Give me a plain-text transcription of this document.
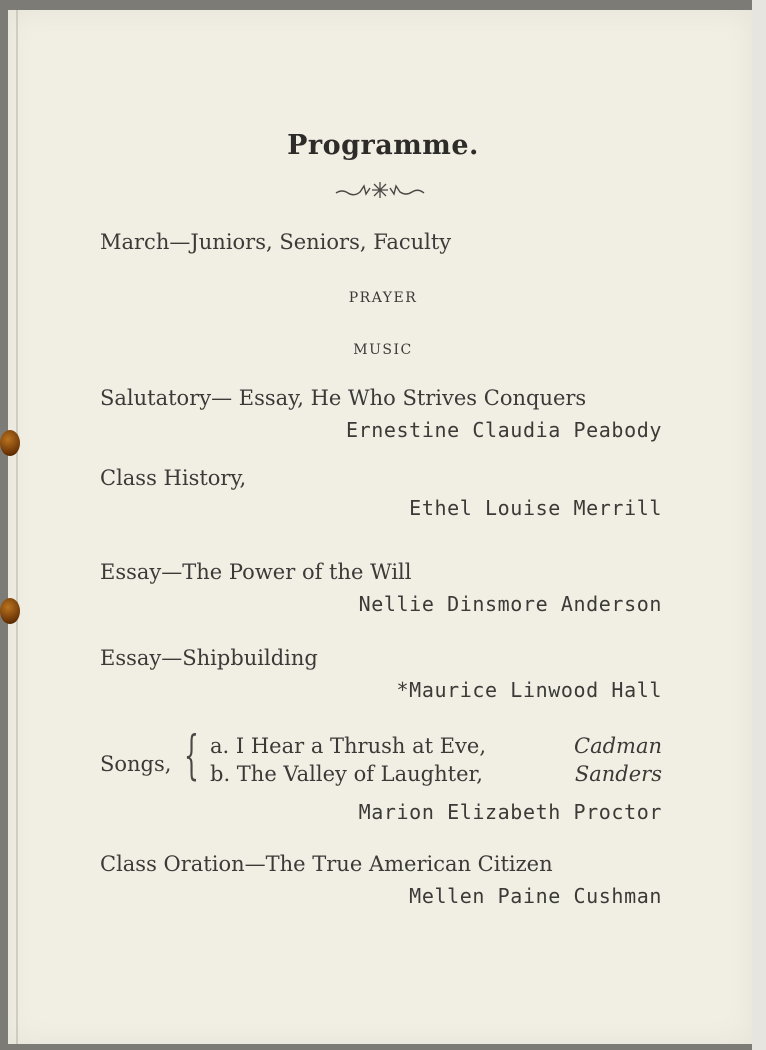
Programme.
March—Juniors, Seniors, Faculty
PRAYER
MUSIC
Salutatory— Essay, He Who Strives Conquers
Ernestine Claudia Peabody
Class History,
Ethel Louise Merrill
Essay—The Power of the Will
Nellie Dinsmore Anderson
Essay—Shipbuilding
*Maurice Linwood Hall
Songs, { a. I Hear a Thrush at Eve,	Cadman
b. The Valley of Laughter,	Sanders
Marion Elizabeth Proctor
Class Oration—The True American Citizen
Mellen Paine Cushman
